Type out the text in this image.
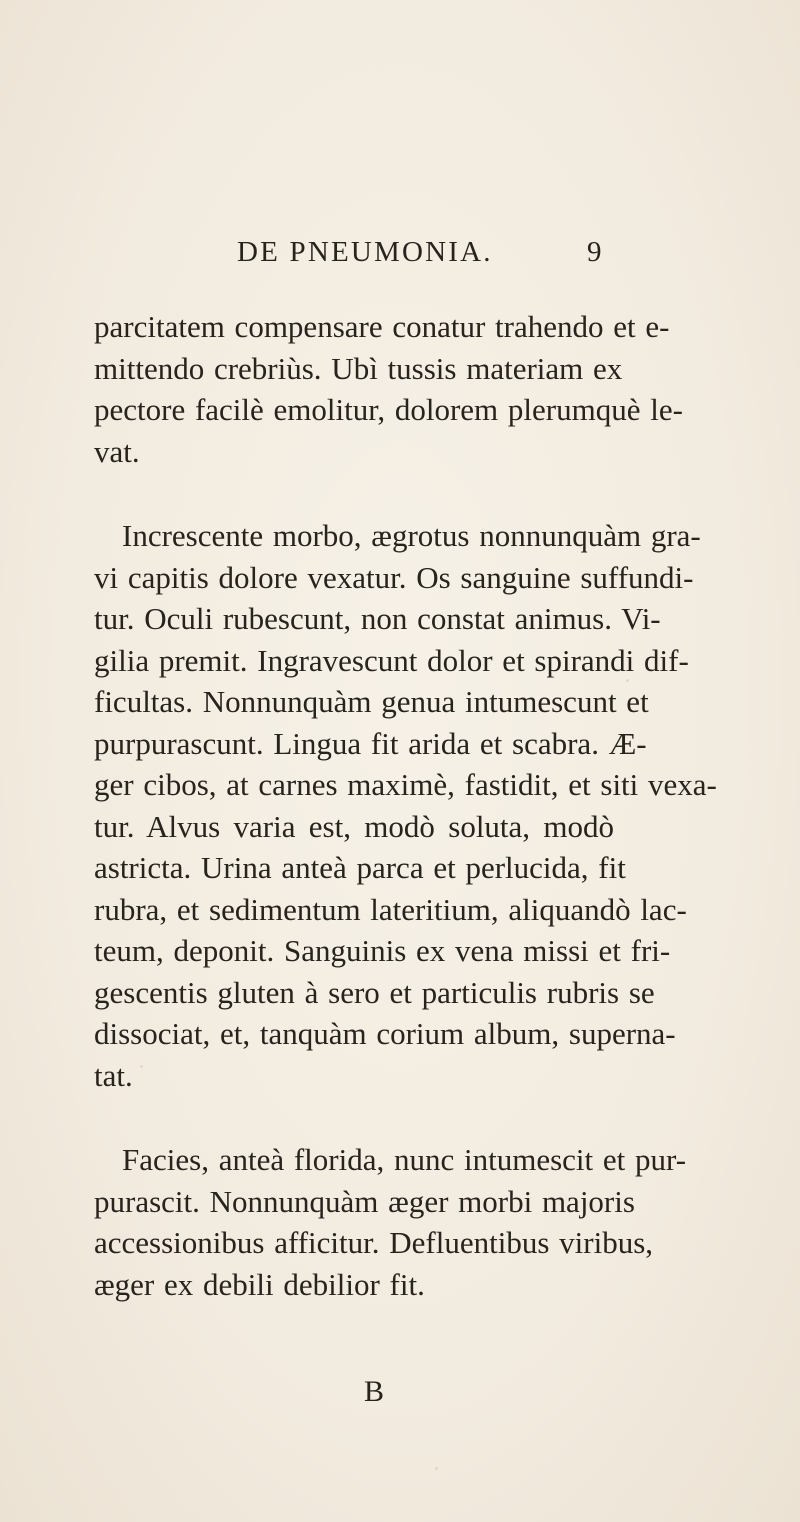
DE PNEUMONIA.	9

parcitatem compensare conatur trahendo et e-
mittendo crebriùs. Ubì tussis materiam ex
pectore facilè emolitur, dolorem plerumquè le-
vat.

Increscente morbo, ægrotus nonnunquàm gra-
vi capitis dolore vexatur. Os sanguine suffundi-
tur. Oculi rubescunt, non constat animus. Vi-
gilia premit. Ingravescunt dolor et spirandi dif-
ficultas. Nonnunquàm genua intumescunt et
purpurascunt. Lingua fit arida et scabra. Æ-
ger cibos, at carnes maximè, fastidit, et siti vexa-
tur. Alvus varia est, modò soluta, modò
astricta. Urina anteà parca et perlucida, fit
rubra, et sedimentum lateritium, aliquandò lac-
teum, deponit. Sanguinis ex vena missi et fri-
gescentis gluten à sero et particulis rubris se
dissociat, et, tanquàm corium album, superna-
tat.

Facies, anteà florida, nunc intumescit et pur-
purascit. Nonnunquàm æger morbi majoris
accessionibus afficitur. Defluentibus viribus,
æger ex debili debilior fit.

B
